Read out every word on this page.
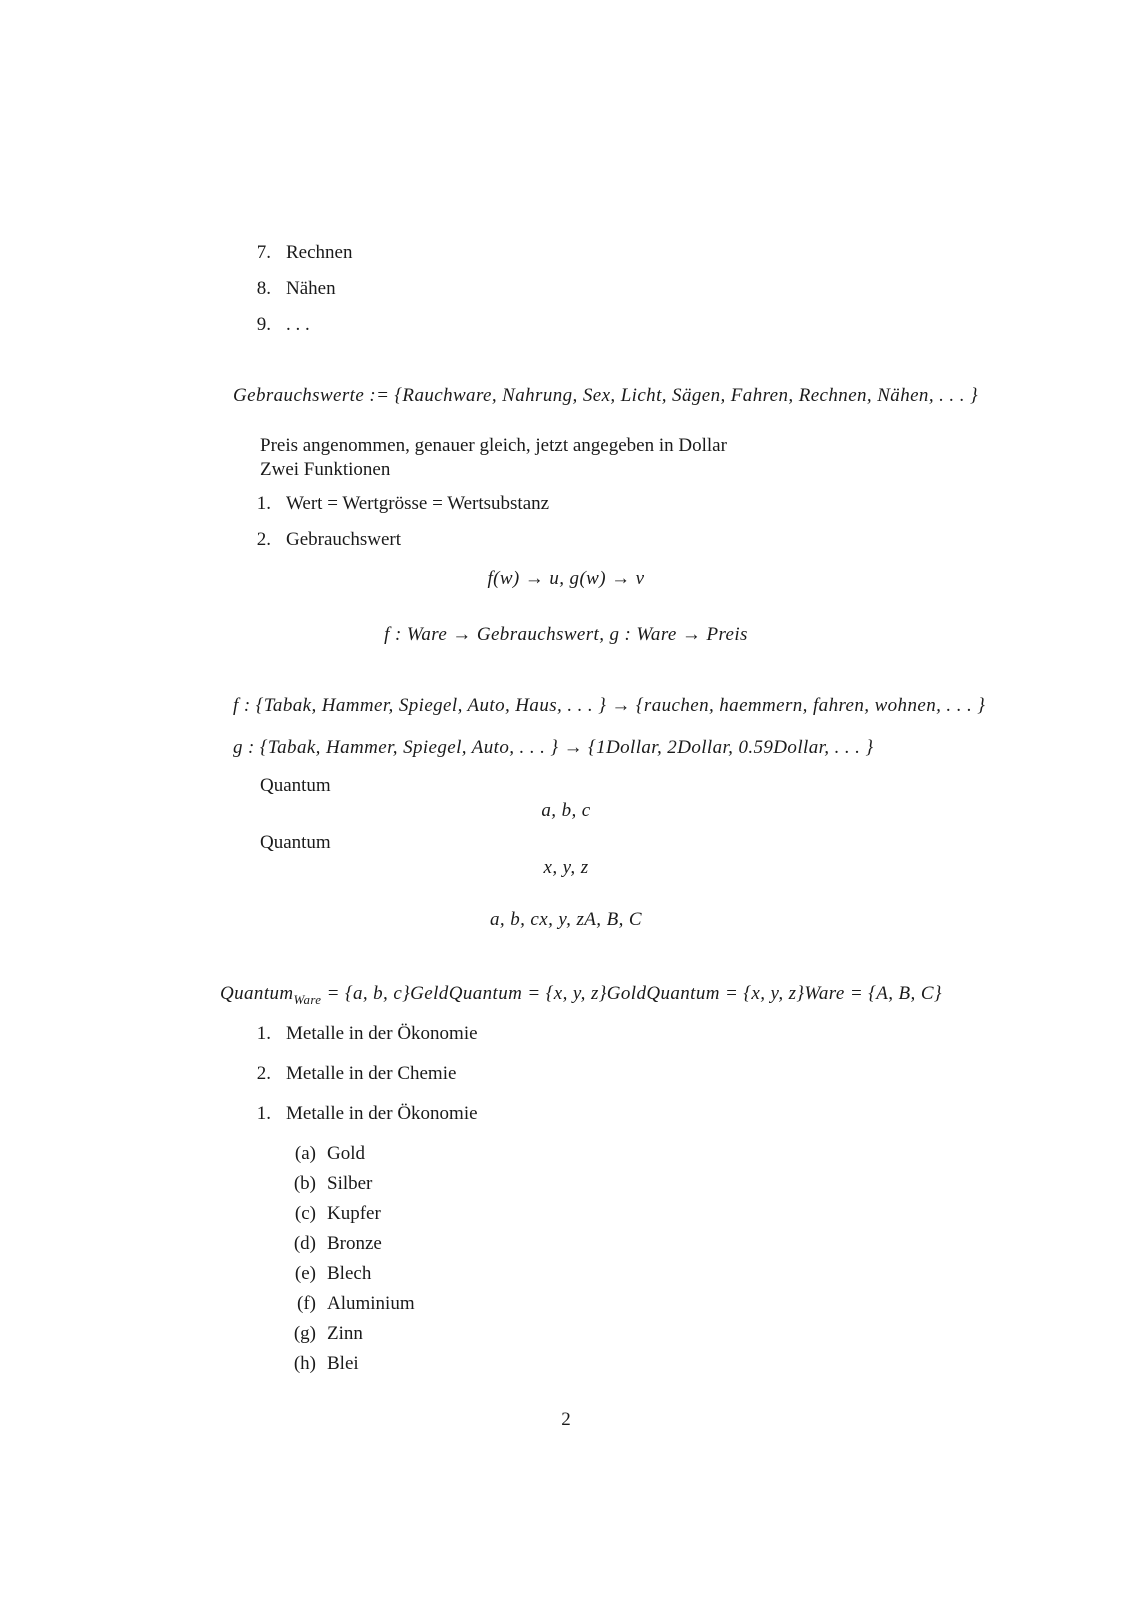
7. Rechnen
8. Nähen
9. . . .
Gebrauchswerte := {Rauchware, Nahrung, Sex, Licht, Sägen, Fahren, Rechnen, Nähen, . . . }
Preis angenommen, genauer gleich, jetzt angegeben in Dollar
Zwei Funktionen
1. Wert = Wertgrösse = Wertsubstanz
2. Gebrauchswert
f(w) → u, g(w) → v
f : Ware → Gebrauchswert, g : Ware → Preis
f : {Tabak, Hammer, Spiegel, Auto, Haus, . . . } → {rauchen, haemmern, fahren, wohnen, . . . }
g : {Tabak, Hammer, Spiegel, Auto, . . . } → {1Dollar, 2Dollar, 0.59Dollar, . . . }
Quantum
a, b, c
Quantum
x, y, z
a, b, cx, y, zA, B, C
Quantum$_{Ware}$ = {a, b, c}GeldQuantum = {x, y, z}GoldQuantum = {x, y, z}Ware = {A, B, C}
1. Metalle in der Ökonomie
2. Metalle in der Chemie
1. Metalle in der Ökonomie
(a) Gold
(b) Silber
(c) Kupfer
(d) Bronze
(e) Blech
(f) Aluminium
(g) Zinn
(h) Blei
2
